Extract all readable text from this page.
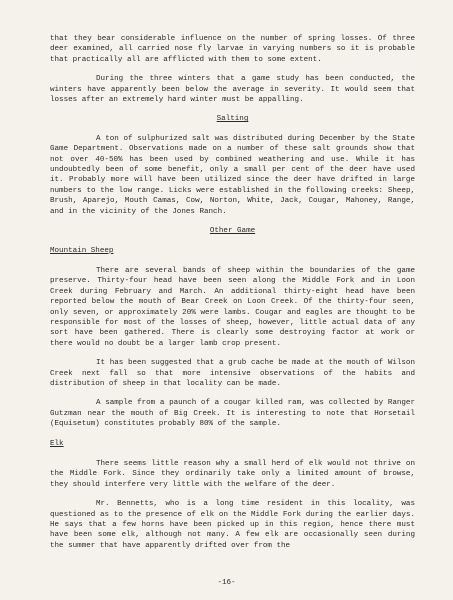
that they bear considerable influence on the number of spring losses. Of three deer examined, all carried nose fly larvae in varying numbers so it is probable that practically all are afflicted with them to some extent.

During the three winters that a game study has been conducted, the winters have apparently been below the average in severity. It would seem that losses after an extremely hard winter must be appalling.

Salting

A ton of sulphurized salt was distributed during December by the State Game Department. Observations made on a number of these salt grounds show that not over 40-50% has been used by combined weathering and use. While it has undoubtedly been of some benefit, only a small per cent of the deer have used it. Probably more will have been utilized since the deer have drifted in large numbers to the low range. Licks were established in the following creeks: Sheep, Brush, Aparejo, Mouth Camas, Cow, Norton, White, Jack, Cougar, Mahoney, Range, and in the vicinity of the Jones Ranch.

Other Game
Mountain Sheep

There are several bands of sheep within the boundaries of the game preserve. Thirty-four head have been seen along the Middle Fork and in Loon Creek during February and March. An additional thirty-eight head have been reported below the mouth of Bear Creek on Loon Creek. Of the thirty-four seen, only seven, or approximately 20% were lambs. Cougar and eagles are thought to be responsible for most of the losses of sheep, however, little actual data of any sort have been gathered. There is clearly some destroying factor at work or there would no doubt be a larger lamb crop present.

It has been suggested that a grub cache be made at the mouth of Wilson Creek next fall so that more intensive observations of the habits and distribution of sheep in that locality can be made.

A sample from a paunch of a cougar killed ram, was collected by Ranger Gutzman near the mouth of Big Creek. It is interesting to note that Horsetail (Equisetum) constitutes probably 80% of the sample.

Elk

There seems little reason why a small herd of elk would not thrive on the Middle Fork. Since they ordinarily take only a limited amount of browse, they should interfere very little with the welfare of the deer.

Mr. Bennetts, who is a long time resident in this locality, was questioned as to the presence of elk on the Middle Fork during the earlier days. He says that a few horns have been picked up in this region, hence there must have been some elk, although not many. A few elk are occasionally seen during the summer that have apparently drifted over from the

-16-
